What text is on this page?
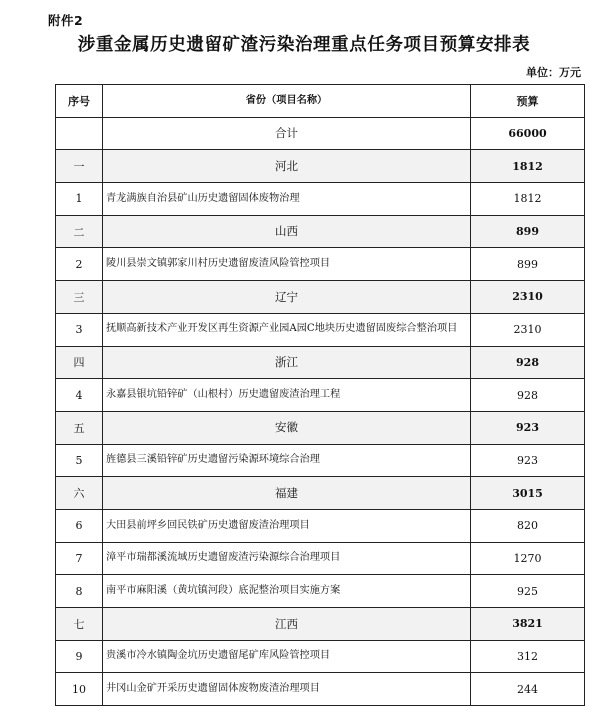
附件2
涉重金属历史遗留矿渣污染治理重点任务项目预算安排表
单位：万元
序号	省份（项目名称）	预算
	合计	66000
一	河北	1812
1	青龙满族自治县矿山历史遗留固体废物治理	1812
二	山西	899
2	陵川县崇文镇郭家川村历史遗留废渣风险管控项目	899
三	辽宁	2310
3	抚顺高新技术产业开发区再生资源产业园A园C地块历史遗留固废综合整治项目	2310
四	浙江	928
4	永嘉县银坑铅锌矿（山根村）历史遗留废渣治理工程	928
五	安徽	923
5	旌德县三溪铅锌矿历史遗留污染源环境综合治理	923
六	福建	3015
6	大田县前坪乡回民铁矿历史遗留废渣治理项目	820
7	漳平市瑞都溪流域历史遗留废渣污染源综合治理项目	1270
8	南平市麻阳溪（黄坑镇河段）底泥整治项目实施方案	925
七	江西	3821
9	贵溪市冷水镇陶金坑历史遗留尾矿库风险管控项目	312
10	井冈山金矿开采历史遗留固体废物废渣治理项目	244
